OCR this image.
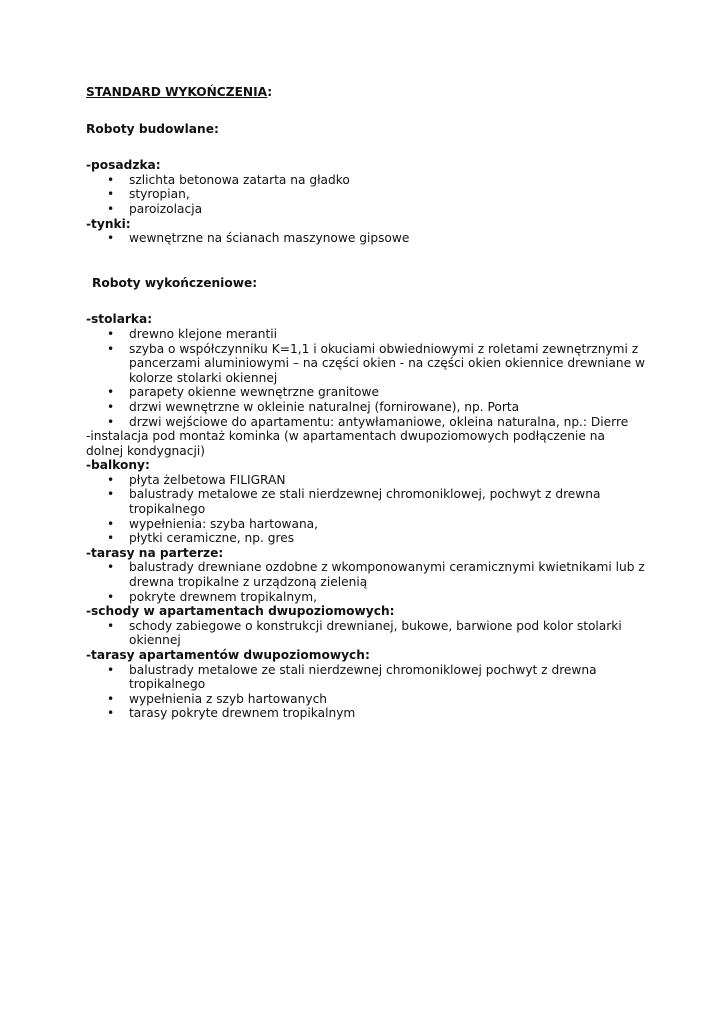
STANDARD WYKOŃCZENIA:
Roboty budowlane:
-posadzka:
• szlichta betonowa zatarta na gładko
• styropian,
• paroizolacja
-tynki:
• wewnętrzne na ścianach maszynowe gipsowe
Roboty wykończeniowe:
-stolarka:
• drewno klejone merantii
• szyba o współczynniku K=1,1 i okuciami obwiedniowymi z roletami zewnętrznymi z pancerzami aluminiowymi – na części okien - na części okien okiennice drewniane w kolorze stolarki okiennej
• parapety okienne wewnętrzne granitowe
• drzwi wewnętrzne w okleinie naturalnej (fornirowane), np. Porta
• drzwi wejściowe do apartamentu: antywłamaniowe, okleina naturalna, np.: Dierre
-instalacja pod montaż kominka (w apartamentach dwupoziomowych podłączenie na dolnej kondygnacji)
-balkony:
• płyta żelbetowa FILIGRAN
• balustrady metalowe ze stali nierdzewnej chromoniklowej, pochwyt z drewna tropikalnego
• wypełnienia: szyba hartowana,
• płytki ceramiczne, np. gres
-tarasy na parterze:
• balustrady drewniane ozdobne z wkomponowanymi ceramicznymi kwietnikami lub z drewna tropikalne z urządzoną zielenią
• pokryte drewnem tropikalnym,
-schody w apartamentach dwupoziomowych:
• schody zabiegowe o konstrukcji drewnianej, bukowe, barwione pod kolor stolarki okiennej
-tarasy apartamentów dwupoziomowych:
• balustrady metalowe ze stali nierdzewnej chromoniklowej pochwyt z drewna tropikalnego
• wypełnienia z szyb hartowanych
• tarasy pokryte drewnem tropikalnym
